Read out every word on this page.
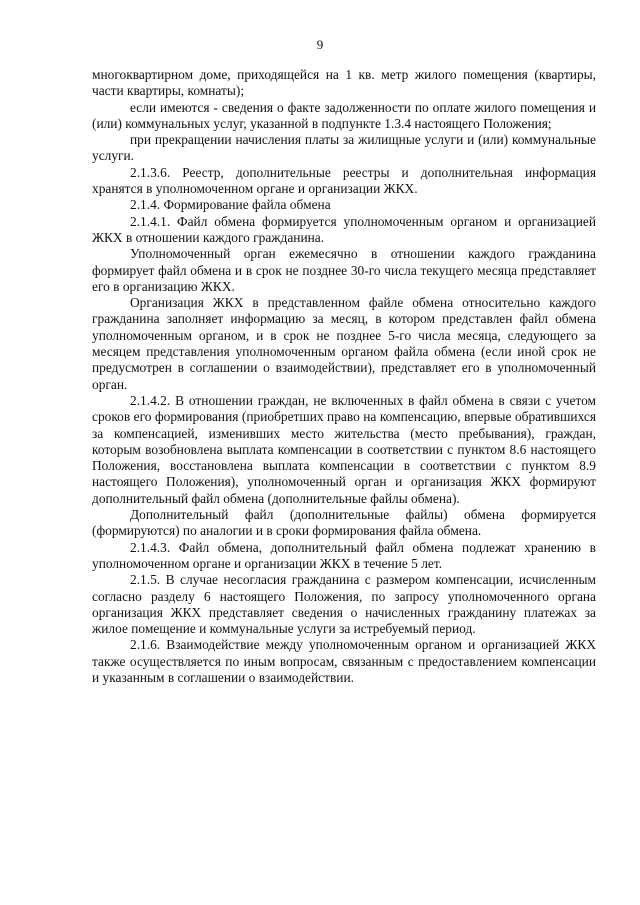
9

многоквартирном доме, приходящейся на 1 кв. метр жилого помещения (квартиры, части квартиры, комнаты);

если имеются - сведения о факте задолженности по оплате жилого помещения и (или) коммунальных услуг, указанной в подпункте 1.3.4 настоящего Положения;

при прекращении начисления платы за жилищные услуги и (или) коммунальные услуги.

2.1.3.6. Реестр, дополнительные реестры и дополнительная информация хранятся в уполномоченном органе и организации ЖКХ.

2.1.4. Формирование файла обмена

2.1.4.1. Файл обмена формируется уполномоченным органом и организацией ЖКХ в отношении каждого гражданина.

Уполномоченный орган ежемесячно в отношении каждого гражданина формирует файл обмена и в срок не позднее 30-го числа текущего месяца представляет его в организацию ЖКХ.

Организация ЖКХ в представленном файле обмена относительно каждого гражданина заполняет информацию за месяц, в котором представлен файл обмена уполномоченным органом, и в срок не позднее 5-го числа месяца, следующего за месяцем представления уполномоченным органом файла обмена (если иной срок не предусмотрен в соглашении о взаимодействии), представляет его в уполномоченный орган.

2.1.4.2. В отношении граждан, не включенных в файл обмена в связи с учетом сроков его формирования (приобретших право на компенсацию, впервые обратившихся за компенсацией, изменивших место жительства (место пребывания), граждан, которым возобновлена выплата компенсации в соответствии с пунктом 8.6 настоящего Положения, восстановлена выплата компенсации в соответствии с пунктом 8.9 настоящего Положения), уполномоченный орган и организация ЖКХ формируют дополнительный файл обмена (дополнительные файлы обмена).

Дополнительный файл (дополнительные файлы) обмена формируется (формируются) по аналогии и в сроки формирования файла обмена.

2.1.4.3. Файл обмена, дополнительный файл обмена подлежат хранению в уполномоченном органе и организации ЖКХ в течение 5 лет.

2.1.5. В случае несогласия гражданина с размером компенсации, исчисленным согласно разделу 6 настоящего Положения, по запросу уполномоченного органа организация ЖКХ представляет сведения о начисленных гражданину платежах за жилое помещение и коммунальные услуги за истребуемый период.

2.1.6. Взаимодействие между уполномоченным органом и организацией ЖКХ также осуществляется по иным вопросам, связанным с предоставлением компенсации и указанным в соглашении о взаимодействии.
